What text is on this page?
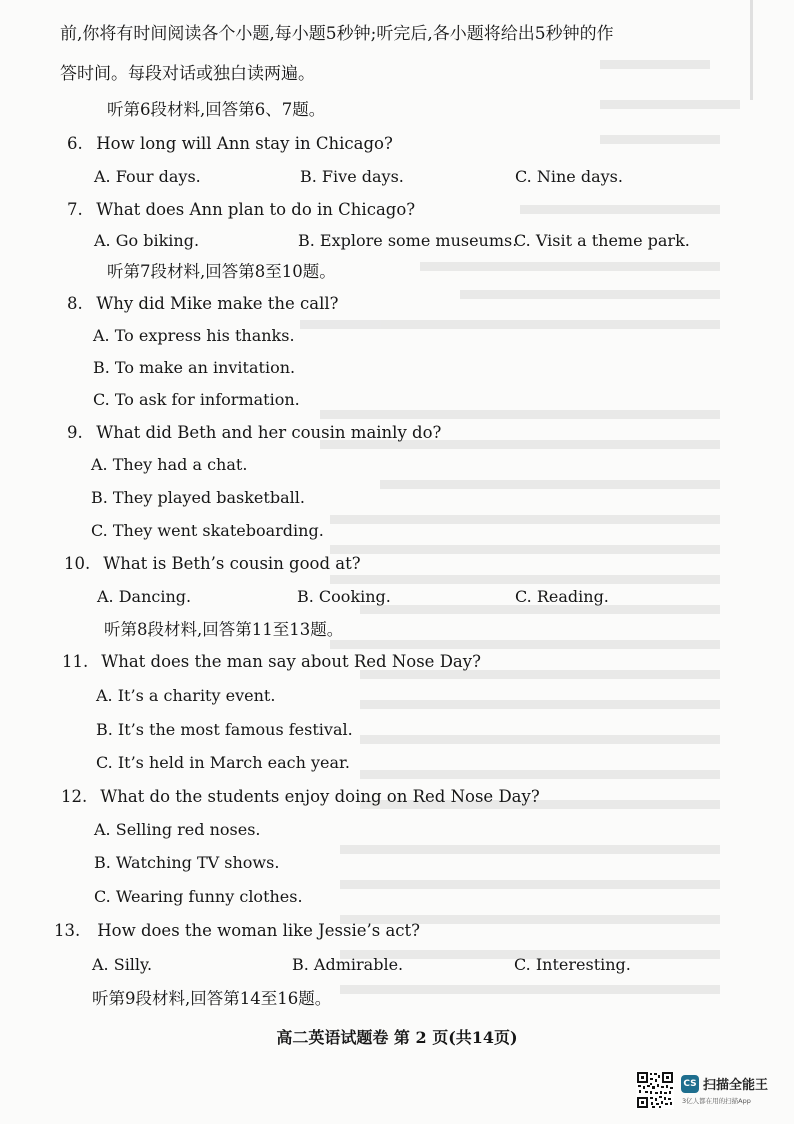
前,你将有时间阅读各个小题,每小题5秒钟;听完后,各小题将给出5秒钟的作
答时间。每段对话或独白读两遍。
听第6段材料,回答第6、7题。
6. How long will Ann stay in Chicago?
A. Four days.	B. Five days.	C. Nine days.
7. What does Ann plan to do in Chicago?
A. Go biking.	B. Explore some museums.
C. Visit a theme park.
听第7段材料,回答第8至10题。
8. Why did Mike make the call?
A. To express his thanks.
B. To make an invitation.
C. To ask for information.
9. What did Beth and her cousin mainly do?
A. They had a chat.
B. They played basketball.
C. They went skateboarding.
10. What is Beth’s cousin good at?
A. Dancing.	B. Cooking.	C. Reading.
听第8段材料,回答第11至13题。
11. What does the man say about Red Nose Day?
A. It’s a charity event.
B. It’s the most famous festival.
C. It’s held in March each year.
12. What do the students enjoy doing on Red Nose Day?
A. Selling red noses.
B. Watching TV shows.
C. Wearing funny clothes.
13. How does the woman like Jessie’s act?
A. Silly.	B. Admirable.	C. Interesting.
听第9段材料,回答第14至16题。
高二英语试题卷 第 2 页(共14页)
CS 扫描全能王
3亿人都在用的扫描App
